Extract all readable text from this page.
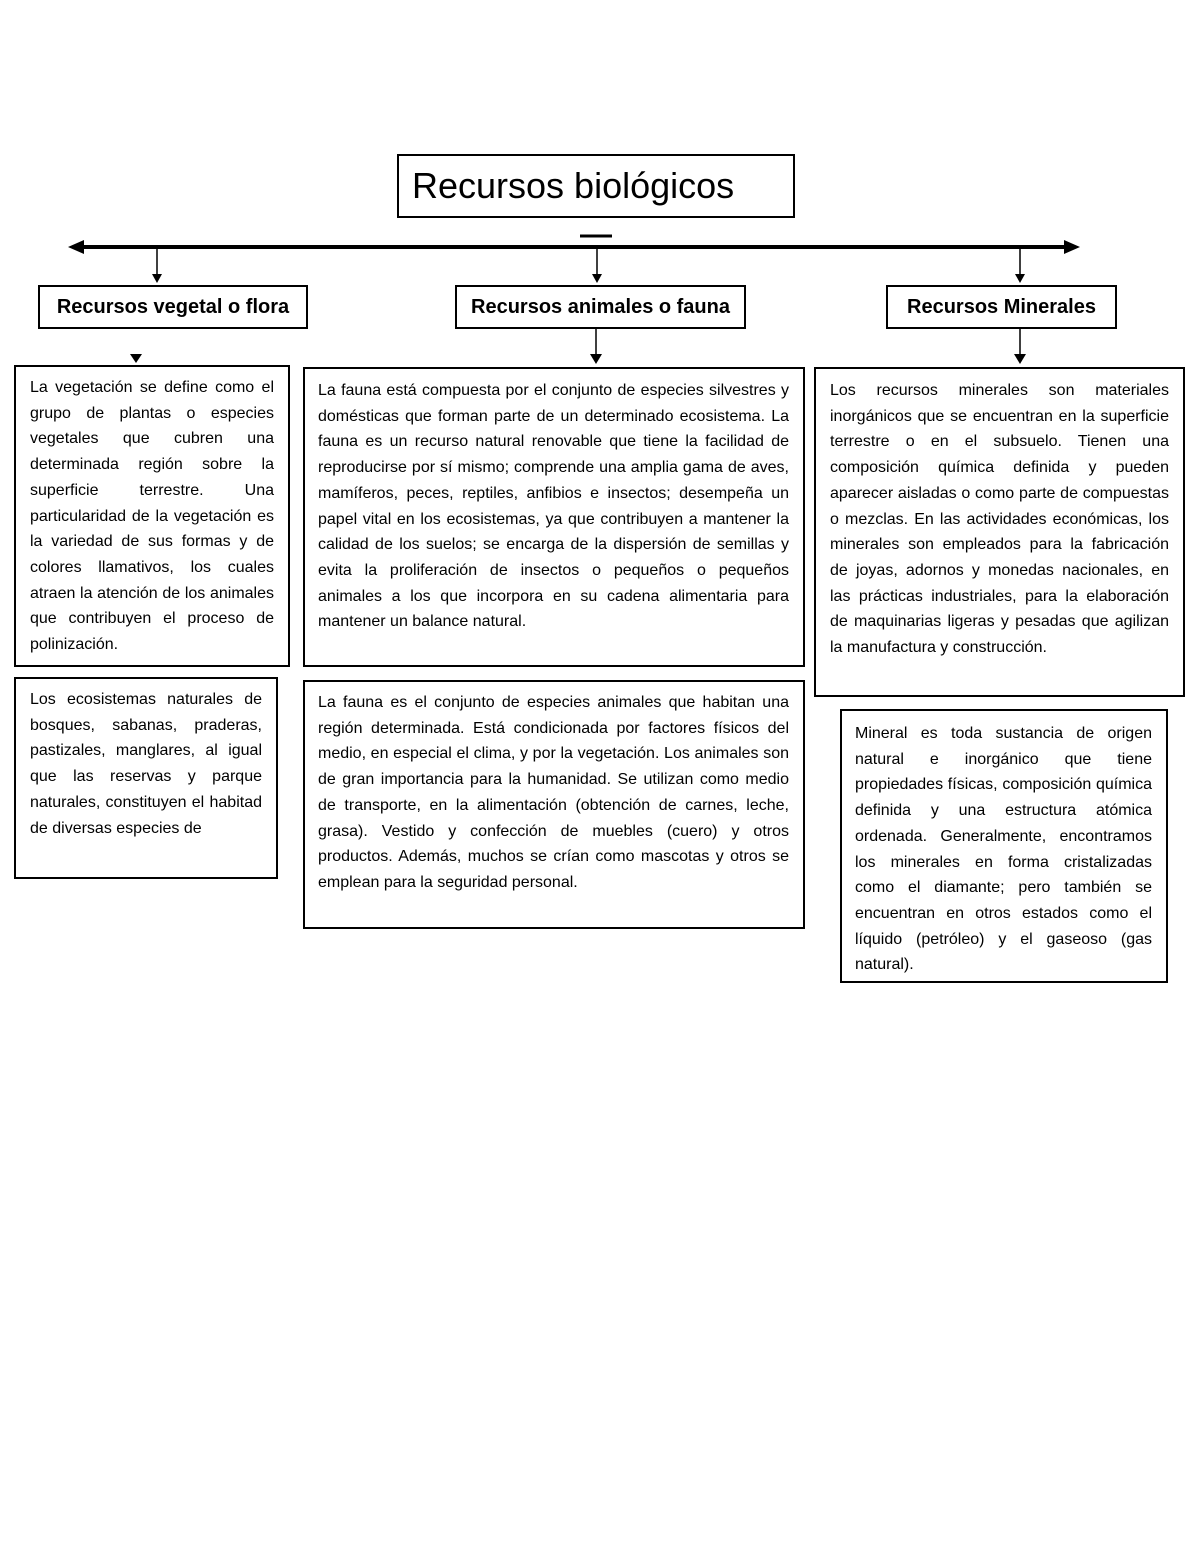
Recursos biológicos
Recursos vegetal o flora	Recursos animales o fauna	Recursos Minerales
La vegetación se define como el grupo de plantas o especies vegetales que cubren una determinada región sobre la superficie terrestre. Una particularidad de la vegetación es la variedad de sus formas y de colores llamativos, los cuales atraen la atención de los animales que contribuyen el proceso de polinización.
Los ecosistemas naturales de bosques, sabanas, praderas, pastizales, manglares, al igual que las reservas y parque naturales, constituyen el habitad de diversas especies de
La fauna está compuesta por el conjunto de especies silvestres y domésticas que forman parte de un determinado ecosistema. La fauna es un recurso natural renovable que tiene la facilidad de reproducirse por sí mismo; comprende una amplia gama de aves, mamíferos, peces, reptiles, anfibios e insectos; desempeña un papel vital en los ecosistemas, ya que contribuyen a mantener la calidad de los suelos; se encarga de la dispersión de semillas y evita la proliferación de insectos o pequeños o pequeños animales a los que incorpora en su cadena alimentaria para mantener un balance natural.
La fauna es el conjunto de especies animales que habitan una región determinada. Está condicionada por factores físicos del medio, en especial el clima, y por la vegetación. Los animales son de gran importancia para la humanidad. Se utilizan como medio de transporte, en la alimentación (obtención de carnes, leche, grasa). Vestido y confección de muebles (cuero) y otros productos. Además, muchos se crían como mascotas y otros se emplean para la seguridad personal.
Los recursos minerales son materiales inorgánicos que se encuentran en la superficie terrestre o en el subsuelo. Tienen una composición química definida y pueden aparecer aisladas o como parte de compuestas o mezclas. En las actividades económicas, los minerales son empleados para la fabricación de joyas, adornos y monedas nacionales, en las prácticas industriales, para la elaboración de maquinarias ligeras y pesadas que agilizan la manufactura y construcción.
Mineral es toda sustancia de origen natural e inorgánico que tiene propiedades físicas, composición química definida y una estructura atómica ordenada. Generalmente, encontramos los minerales en forma cristalizadas como el diamante; pero también se encuentran en otros estados como el líquido (petróleo) y el gaseoso (gas natural).
